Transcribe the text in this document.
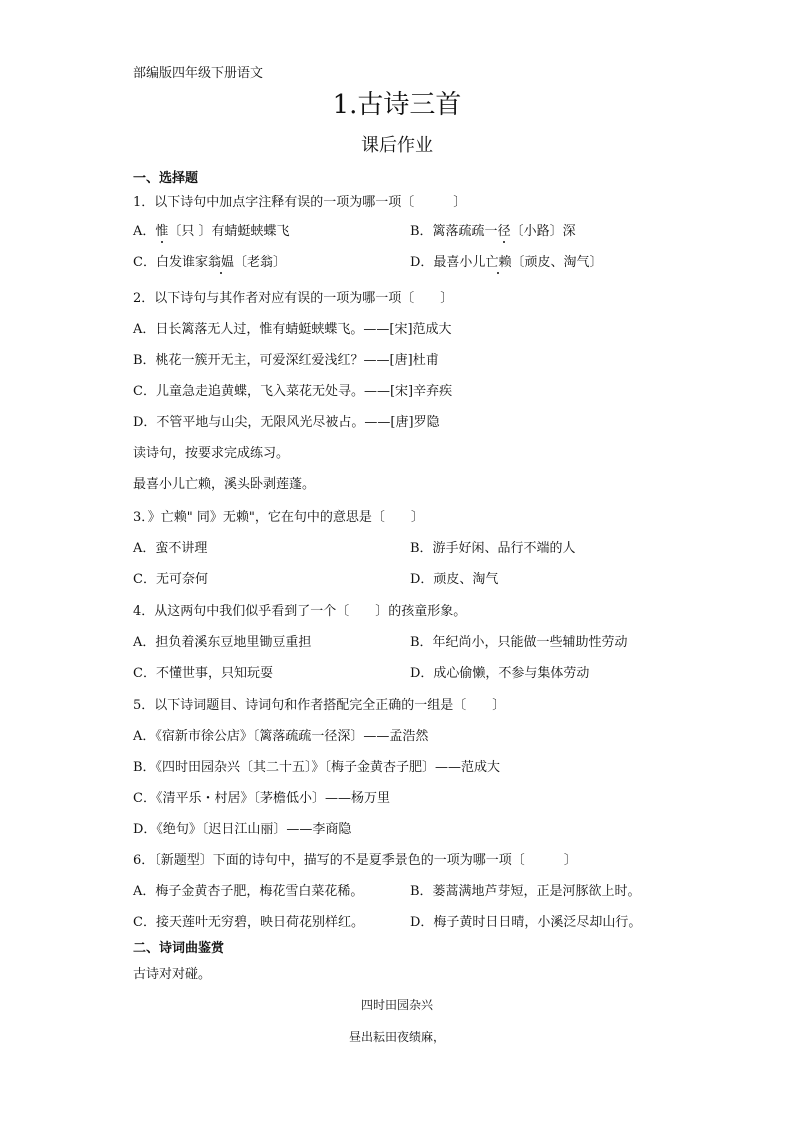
部编版四年级下册语文
1.古诗三首
课后作业
一、选择题
1．以下诗句中加点字注释有误的一项为哪一项〔　　　〕
A．惟〔只 〕有蜻蜓蛱蝶飞	B．篱落疏疏一径〔小路〕深
C．白发谁家翁媪〔老翁〕	D．最喜小儿亡赖〔顽皮、淘气〕
2．以下诗句与其作者对应有误的一项为哪一项〔　　〕
A．日长篱落无人过，惟有蜻蜓蛱蝶飞。——[宋]范成大
B．桃花一簇开无主，可爱深红爱浅红？——[唐]杜甫
C．儿童急走追黄蝶，飞入菜花无处寻。——[宋]辛弃疾
D．不管平地与山尖，无限风光尽被占。——[唐]罗隐
读诗句，按要求完成练习。
最喜小儿亡赖，溪头卧剥莲蓬。
3．》亡赖" 同》无赖"，它在句中的意思是〔　　〕
A．蛮不讲理	B．游手好闲、品行不端的人
C．无可奈何	D．顽皮、淘气
4．从这两句中我们似乎看到了一个〔　　〕的孩童形象。
A．担负着溪东豆地里锄豆重担	B．年纪尚小，只能做一些辅助性劳动
C．不懂世事，只知玩耍	D．成心偷懒，不参与集体劳动
5．以下诗词题目、诗词句和作者搭配完全正确的一组是〔　　〕
A．《宿新市徐公店》〔篱落疏疏一径深〕——孟浩然
B．《四时田园杂兴〔其二十五〕》〔梅子金黄杏子肥〕——范成大
C．《清平乐・村居》〔茅檐低小〕——杨万里
D．《绝句》〔迟日江山丽〕——李商隐
6．〔新题型〕下面的诗句中，描写的不是夏季景色的一项为哪一项〔　　　〕
A．梅子金黄杏子肥，梅花雪白菜花稀。	B．蒌蒿满地芦芽短，正是河豚欲上时。
C．接天莲叶无穷碧，映日荷花别样红。	D．梅子黄时日日晴，小溪泛尽却山行。
二、诗词曲鉴赏
古诗对对碰。
四时田园杂兴
昼出耘田夜绩麻，
